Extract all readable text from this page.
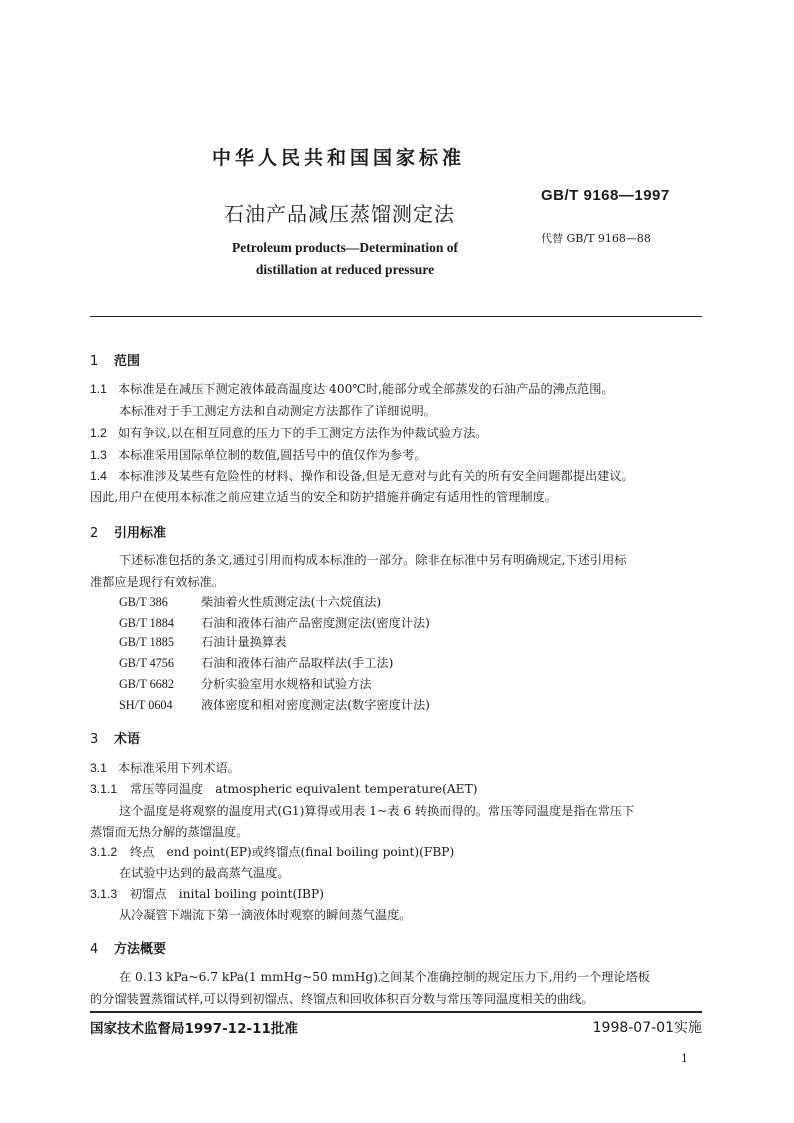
中华人民共和国国家标准
石油产品减压蒸馏测定法
GB/T 9168—1997
代替 GB/T 9168—88
Petroleum products—Determination of
distillation at reduced pressure
1 范围
1.1 本标准是在减压下测定液体最高温度达 400℃时,能部分或全部蒸发的石油产品的沸点范围。
本标准对于手工测定方法和自动测定方法都作了详细说明。
1.2 如有争议,以在相互同意的压力下的手工测定方法作为仲裁试验方法。
1.3 本标准采用国际单位制的数值,圆括号中的值仅作为参考。
1.4 本标准涉及某些有危险性的材料、操作和设备,但是无意对与此有关的所有安全问题都提出建议。
因此,用户在使用本标准之前应建立适当的安全和防护措施并确定有适用性的管理制度。
2 引用标准
下述标准包括的条文,通过引用而构成本标准的一部分。除非在标准中另有明确规定,下述引用标
准都应是现行有效标准。
GB/T 386	柴油着火性质测定法(十六烷值法)
GB/T 1884 石油和液体石油产品密度测定法(密度计法)
GB/T 1885 石油计量换算表
GB/T 4756 石油和液体石油产品取样法(手工法)
GB/T 6682 分析实验室用水规格和试验方法
SH/T 0604 液体密度和相对密度测定法(数字密度计法)
3 术语
3.1 本标准采用下列术语。
3.1.1 常压等同温度　atmospheric equivalent temperature(AET)
这个温度是将观察的温度用式(G1)算得或用表 1~表 6 转换而得的。常压等同温度是指在常压下
蒸馏而无热分解的蒸馏温度。
3.1.2 终点　end point(EP)或终馏点(final boiling point)(FBP)
在试验中达到的最高蒸气温度。
3.1.3 初馏点　inital boiling point(IBP)
从冷凝管下端流下第一滴液体时观察的瞬间蒸气温度。
4 方法概要
在 0.13 kPa~6.7 kPa(1 mmHg~50 mmHg)之间某个准确控制的规定压力下,用约一个理论塔板
的分馏装置蒸馏试样,可以得到初馏点、终馏点和回收体积百分数与常压等同温度相关的曲线。
国家技术监督局1997-12-11批准	1998-07-01实施
1
